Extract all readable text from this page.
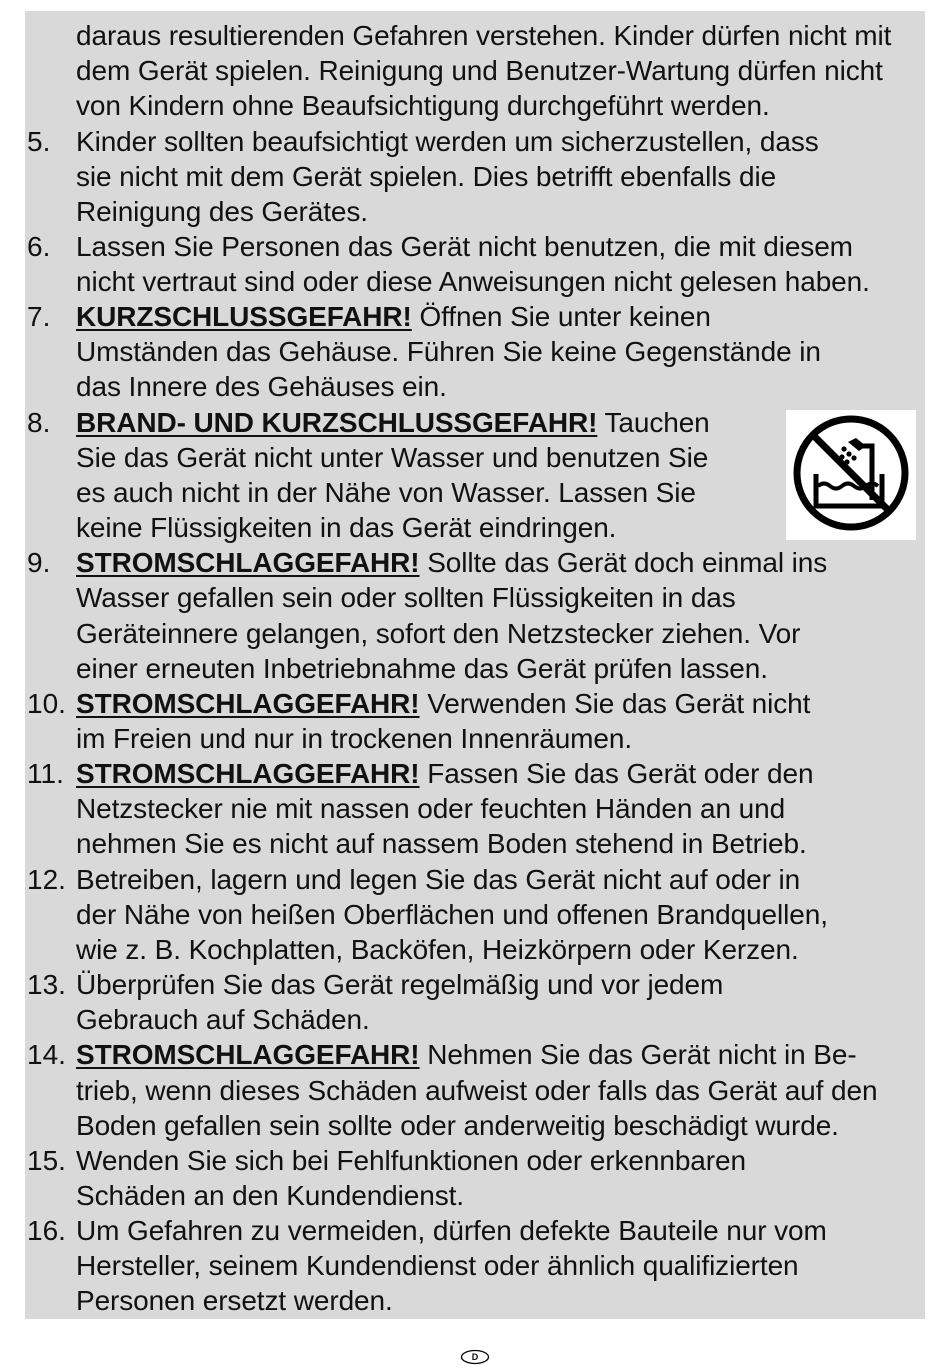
daraus resultierenden Gefahren verstehen. Kinder dürfen nicht mit
dem Gerät spielen. Reinigung und Benutzer-Wartung dürfen nicht
von Kindern ohne Beaufsichtigung durchgeführt werden.
5. Kinder sollten beaufsichtigt werden um sicherzustellen, dass
sie nicht mit dem Gerät spielen. Dies betrifft ebenfalls die
Reinigung des Gerätes.
6. Lassen Sie Personen das Gerät nicht benutzen, die mit diesem
nicht vertraut sind oder diese Anweisungen nicht gelesen haben.
7. KURZSCHLUSSGEFAHR! Öffnen Sie unter keinen
Umständen das Gehäuse. Führen Sie keine Gegenstände in
das Innere des Gehäuses ein.
8. BRAND- UND KURZSCHLUSSGEFAHR! Tauchen
Sie das Gerät nicht unter Wasser und benutzen Sie
es auch nicht in der Nähe von Wasser. Lassen Sie
keine Flüssigkeiten in das Gerät eindringen.
9. STROMSCHLAGGEFAHR! Sollte das Gerät doch einmal ins
Wasser gefallen sein oder sollten Flüssigkeiten in das
Geräteinnere gelangen, sofort den Netzstecker ziehen. Vor
einer erneuten Inbetriebnahme das Gerät prüfen lassen.
10. STROMSCHLAGGEFAHR! Verwenden Sie das Gerät nicht
im Freien und nur in trockenen Innenräumen.
11. STROMSCHLAGGEFAHR! Fassen Sie das Gerät oder den
Netzstecker nie mit nassen oder feuchten Händen an und
nehmen Sie es nicht auf nassem Boden stehend in Betrieb.
12. Betreiben, lagern und legen Sie das Gerät nicht auf oder in
der Nähe von heißen Oberflächen und offenen Brandquellen,
wie z. B. Kochplatten, Backöfen, Heizkörpern oder Kerzen.
13. Überprüfen Sie das Gerät regelmäßig und vor jedem
Gebrauch auf Schäden.
14. STROMSCHLAGGEFAHR! Nehmen Sie das Gerät nicht in Be-
trieb, wenn dieses Schäden aufweist oder falls das Gerät auf den
Boden gefallen sein sollte oder anderweitig beschädigt wurde.
15. Wenden Sie sich bei Fehlfunktionen oder erkennbaren
Schäden an den Kundendienst.
16. Um Gefahren zu vermeiden, dürfen defekte Bauteile nur vom
Hersteller, seinem Kundendienst oder ähnlich qualifizierten
Personen ersetzt werden.
D
